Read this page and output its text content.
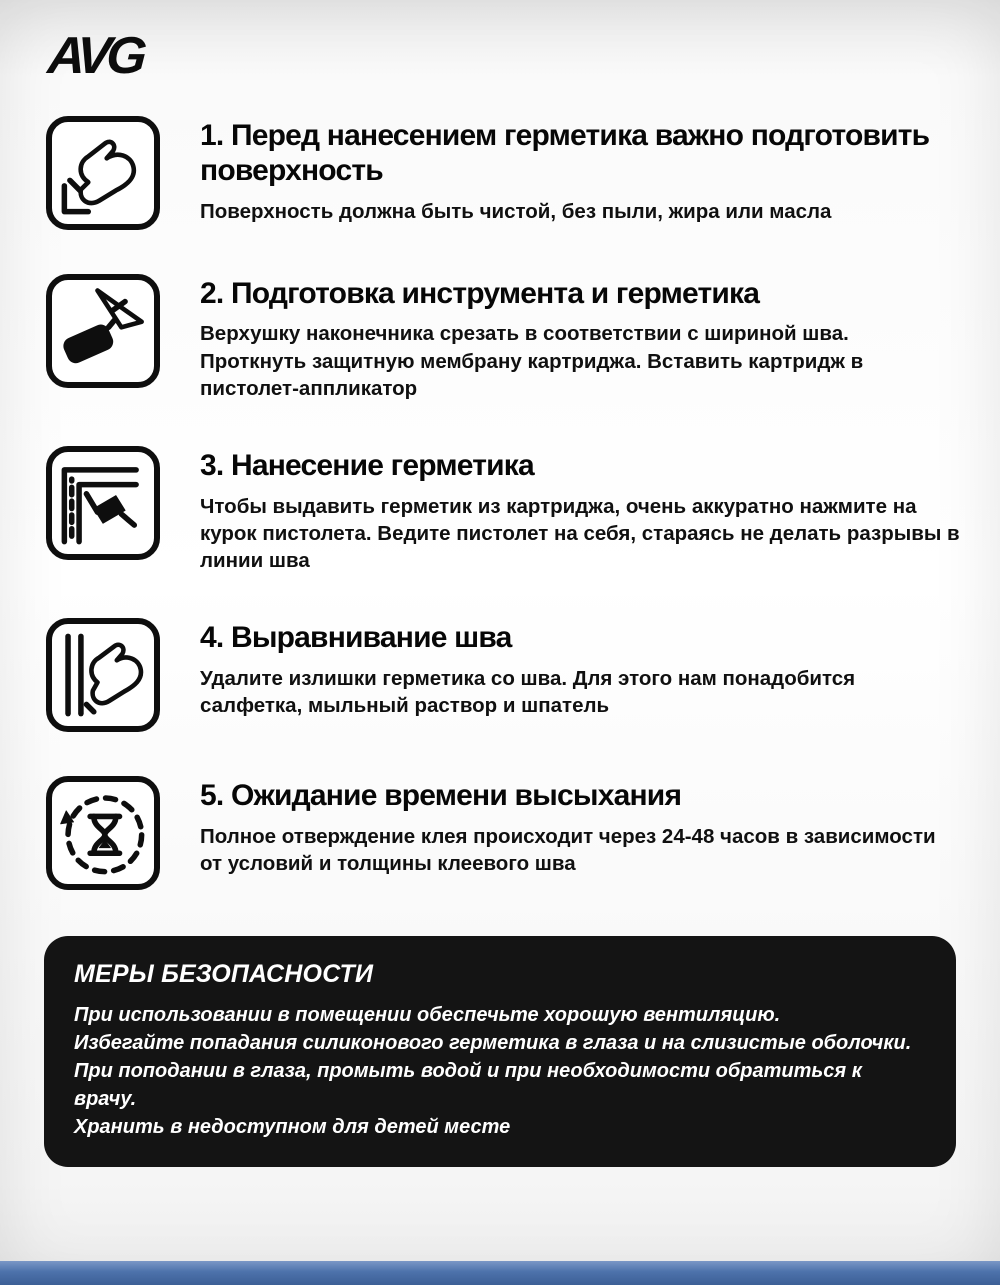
AVG
1. Перед нанесением герметика важно подготовить поверхность
Поверхность должна быть чистой, без пыли, жира или масла
2. Подготовка инструмента и герметика
Верхушку наконечника срезать в соответствии с шириной шва. Проткнуть защитную мембрану картриджа. Вставить картридж в пистолет-аппликатор
3. Нанесение герметика
Чтобы выдавить герметик из картриджа, очень аккуратно нажмите на курок пистолета. Ведите пистолет на себя, стараясь не делать разрывы в линии шва
4. Выравнивание шва
Удалите излишки герметика со шва. Для этого нам понадобится салфетка, мыльный раствор и шпатель
5. Ожидание времени высыхания
Полное отверждение клея происходит через 24-48 часов в зависимости от условий и толщины клеевого шва
МЕРЫ БЕЗОПАСНОСТИ
При использовании в помещении обеспечьте хорошую вентиляцию.
Избегайте попадания силиконового герметика в глаза и на слизистые оболочки.
При поподании в глаза, промыть водой и при необходимости обратиться к врачу.
Хранить в недоступном для детей месте
